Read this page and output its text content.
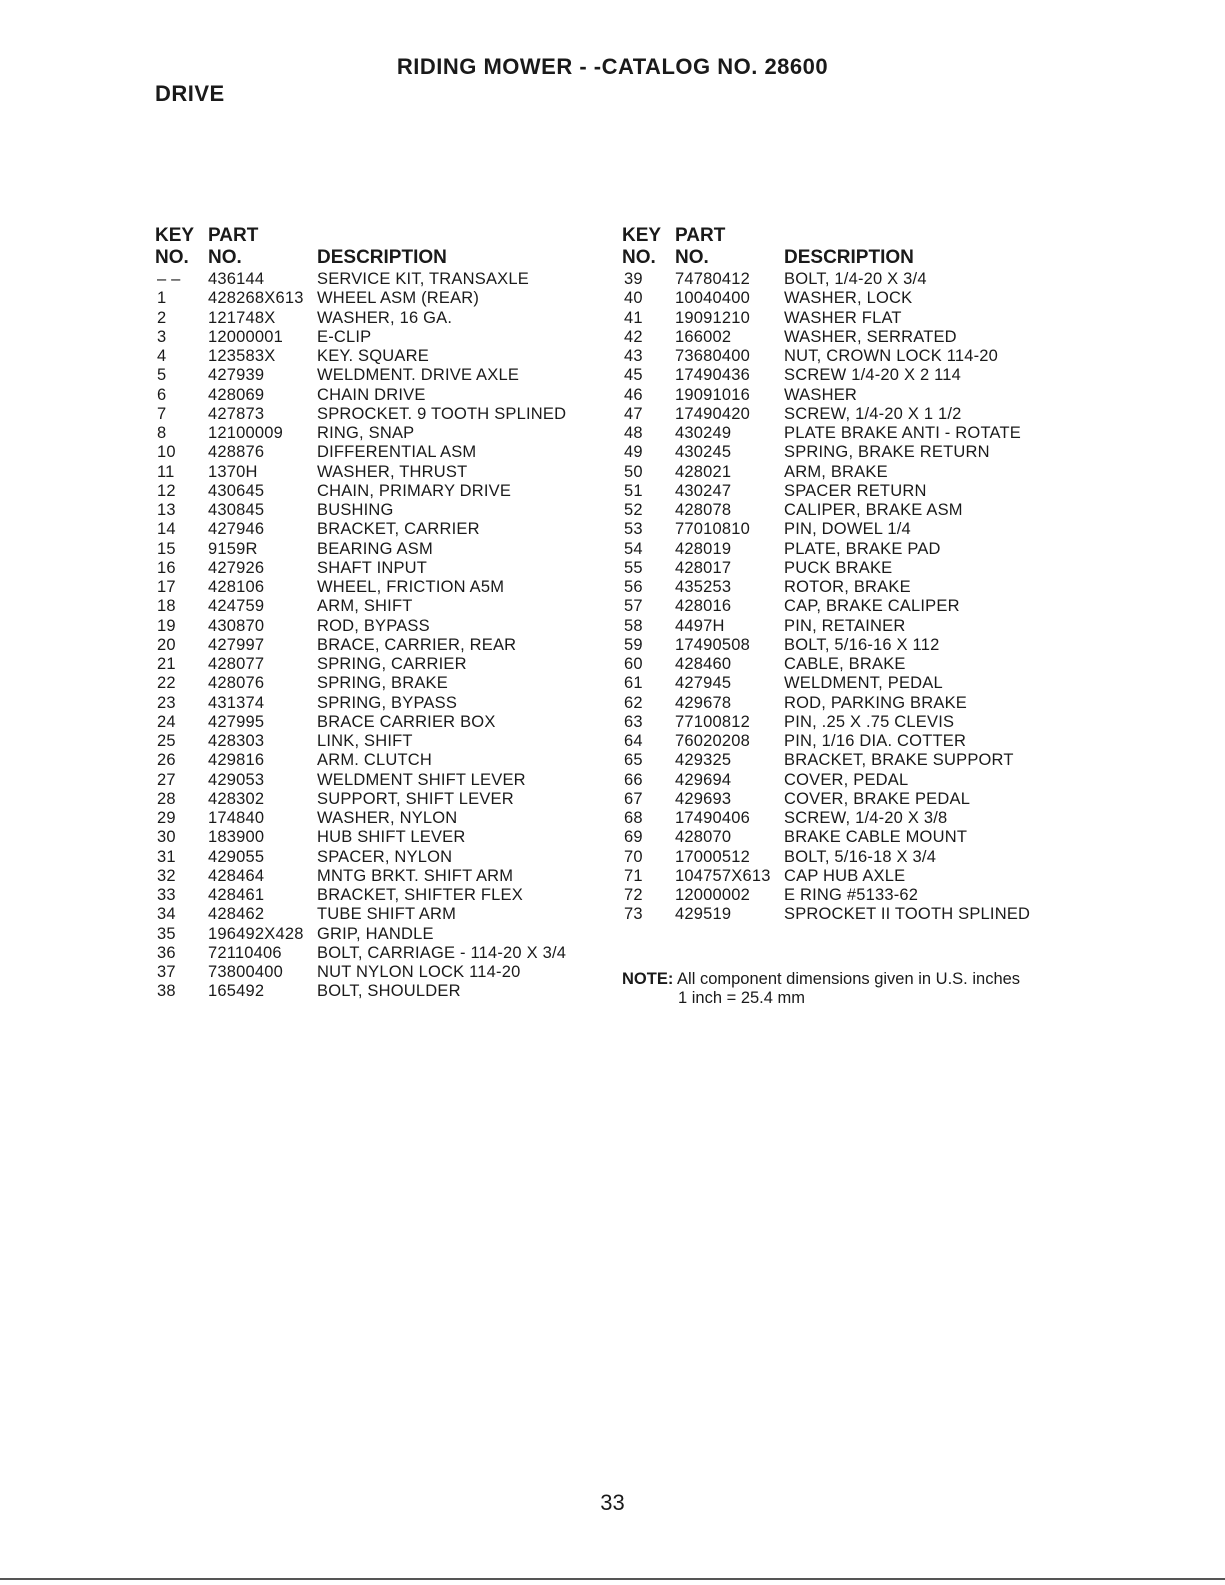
RIDING MOWER - -CATALOG NO. 28600
DRIVE
KEY PART
NO. NO.	DESCRIPTION
– – 436144	SERVICE KIT, TRANSAXLE
1	428268X613 WHEEL ASM (REAR)
2	121748X	WASHER, 16 GA.
3	12000001 E-CLIP
4	123583X	KEY. SQUARE
5	427939	WELDMENT. DRIVE AXLE
6	428069	CHAIN DRIVE
7	427873	SPROCKET. 9 TOOTH SPLINED
8	12100009 RING, SNAP
10 428876	DIFFERENTIAL ASM
11 1370H	WASHER, THRUST
12 430645	CHAIN, PRIMARY DRIVE
13 430845	BUSHING
14 427946	BRACKET, CARRIER
15 9159R	BEARING ASM
16 427926	SHAFT INPUT
17 428106	WHEEL, FRICTION A5M
18 424759	ARM, SHIFT
19 430870	ROD, BYPASS
20 427997	BRACE, CARRIER, REAR
21 428077	SPRING, CARRIER
22 428076	SPRING, BRAKE
23 431374	SPRING, BYPASS
24 427995	BRACE CARRIER BOX
25 428303	LINK, SHIFT
26 429816	ARM. CLUTCH
27 429053	WELDMENT SHIFT LEVER
28 428302	SUPPORT, SHIFT LEVER
29 174840	WASHER, NYLON
30 183900	HUB SHIFT LEVER
31 429055	SPACER, NYLON
32 428464	MNTG BRKT. SHIFT ARM
33 428461	BRACKET, SHIFTER FLEX
34 428462	TUBE SHIFT ARM
35 196492X428 GRIP, HANDLE
36 72110406 BOLT, CARRIAGE - 114-20 X 3/4
37 73800400 NUT NYLON LOCK 114-20
38 165492	BOLT, SHOULDER
KEY PART
NO. NO.	DESCRIPTION
39 74780412 BOLT, 1/4-20 X 3/4
40 10040400 WASHER, LOCK
41 19091210 WASHER FLAT
42 166002	WASHER, SERRATED
43 73680400 NUT, CROWN LOCK 114-20
45 17490436 SCREW 1/4-20 X 2 114
46 19091016 WASHER
47 17490420 SCREW, 1/4-20 X 1 1/2
48 430249	PLATE BRAKE ANTI - ROTATE
49 430245	SPRING, BRAKE RETURN
50 428021	ARM, BRAKE
51 430247	SPACER RETURN
52 428078	CALIPER, BRAKE ASM
53 77010810 PIN, DOWEL 1/4
54 428019	PLATE, BRAKE PAD
55 428017	PUCK BRAKE
56 435253	ROTOR, BRAKE
57 428016	CAP, BRAKE CALIPER
58 4497H	PIN, RETAINER
59 17490508 BOLT, 5/16-16 X 112
60 428460	CABLE, BRAKE
61 427945	WELDMENT, PEDAL
62 429678	ROD, PARKING BRAKE
63 77100812 PIN, .25 X .75 CLEVIS
64 76020208 PIN, 1/16 DIA. COTTER
65 429325	BRACKET, BRAKE SUPPORT
66 429694	COVER, PEDAL
67 429693	COVER, BRAKE PEDAL
68 17490406 SCREW, 1/4-20 X 3/8
69 428070	BRAKE CABLE MOUNT
70 17000512 BOLT, 5/16-18 X 3/4
71 104757X613 CAP HUB AXLE
72 12000002 E RING #5133-62
73 429519	SPROCKET II TOOTH SPLINED
NOTE: All component dimensions given in U.S. inches
1 inch = 25.4 mm
33
